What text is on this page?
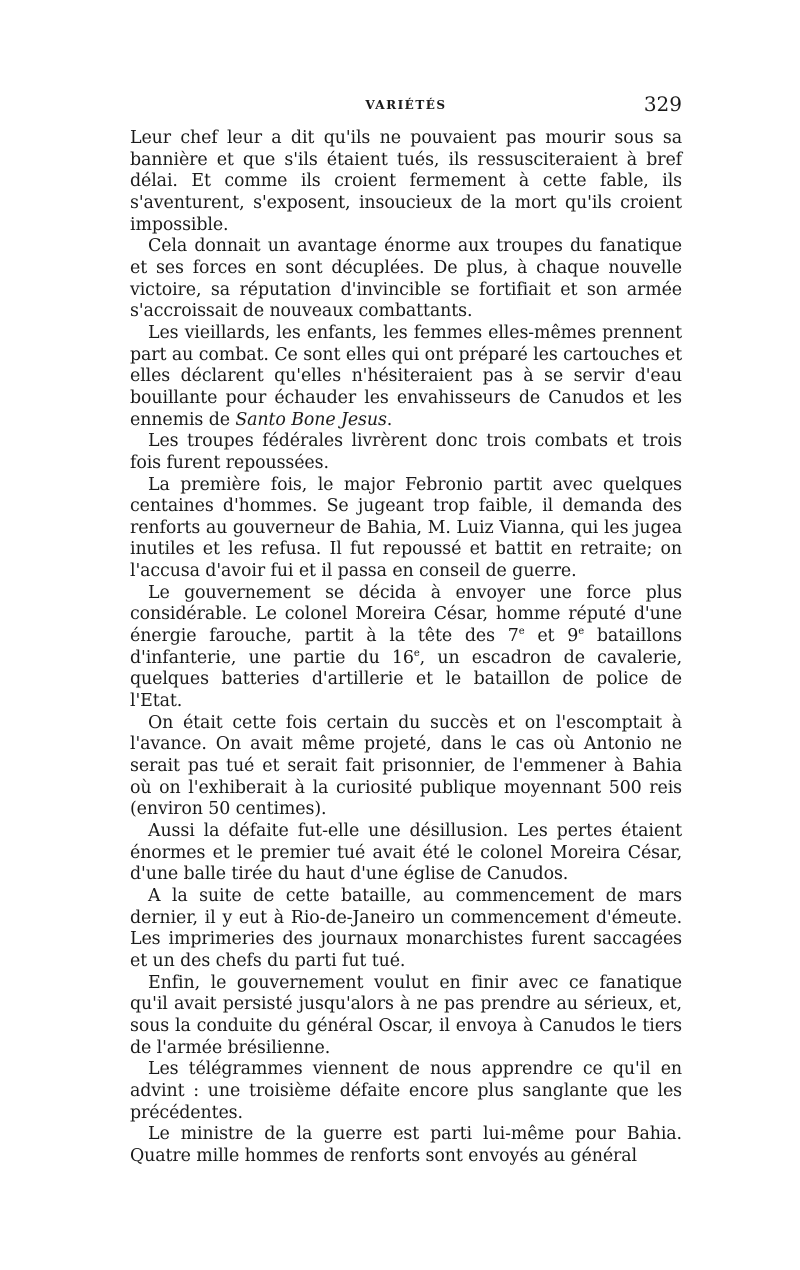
VARIÉTÉS	329

Leur chef leur a dit qu'ils ne pouvaient pas mourir sous sa bannière et que s'ils étaient tués, ils ressusciteraient à bref délai. Et comme ils croient fermement à cette fable, ils s'aventurent, s'exposent, insoucieux de la mort qu'ils croient impossible.

Cela donnait un avantage énorme aux troupes du fanatique et ses forces en sont décuplées. De plus, à chaque nouvelle victoire, sa réputation d'invincible se fortifiait et son armée s'accroissait de nouveaux combattants.

Les vieillards, les enfants, les femmes elles-mêmes prennent part au combat. Ce sont elles qui ont préparé les cartouches et elles déclarent qu'elles n'hésiteraient pas à se servir d'eau bouillante pour échauder les envahisseurs de Canudos et les ennemis de Santo Bone Jesus.

Les troupes fédérales livrèrent donc trois combats et trois fois furent repoussées.

La première fois, le major Febronio partit avec quelques centaines d'hommes. Se jugeant trop faible, il demanda des renforts au gouverneur de Bahia, M. Luiz Vianna, qui les jugea inutiles et les refusa. Il fut repoussé et battit en retraite; on l'accusa d'avoir fui et il passa en conseil de guerre.

Le gouvernement se décida à envoyer une force plus considérable. Le colonel Moreira César, homme réputé d'une énergie farouche, partit à la tête des 7e et 9e bataillons d'infanterie, une partie du 16e, un escadron de cavalerie, quelques batteries d'artillerie et le bataillon de police de l'Etat.

On était cette fois certain du succès et on l'escomptait à l'avance. On avait même projeté, dans le cas où Antonio ne serait pas tué et serait fait prisonnier, de l'emmener à Bahia où on l'exhiberait à la curiosité publique moyennant 500 reis (environ 50 centimes).

Aussi la défaite fut-elle une désillusion. Les pertes étaient énormes et le premier tué avait été le colonel Moreira César, d'une balle tirée du haut d'une église de Canudos.

A la suite de cette bataille, au commencement de mars dernier, il y eut à Rio-de-Janeiro un commencement d'émeute. Les imprimeries des journaux monarchistes furent saccagées et un des chefs du parti fut tué.

Enfin, le gouvernement voulut en finir avec ce fanatique qu'il avait persisté jusqu'alors à ne pas prendre au sérieux, et, sous la conduite du général Oscar, il envoya à Canudos le tiers de l'armée brésilienne.

Les télégrammes viennent de nous apprendre ce qu'il en advint : une troisième défaite encore plus sanglante que les précédentes.

Le ministre de la guerre est parti lui-même pour Bahia. Quatre mille hommes de renforts sont envoyés au général
